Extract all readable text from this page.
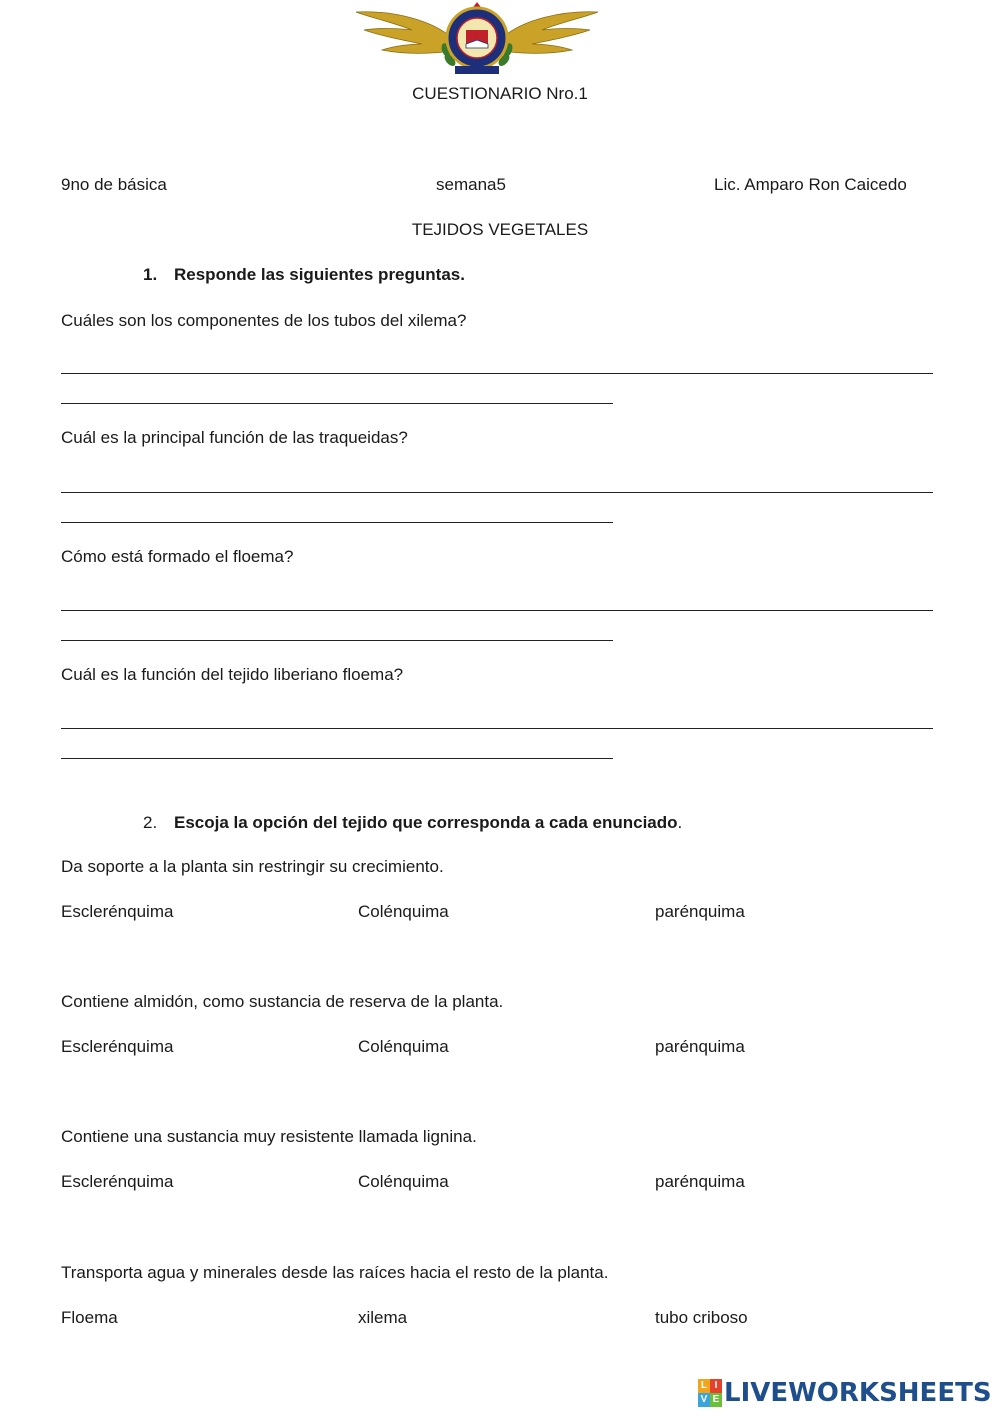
CUESTIONARIO Nro.1
9no de básica	semana5	Lic. Amparo Ron Caicedo
TEJIDOS VEGETALES
1. Responde las siguientes preguntas.
Cuáles son los componentes de los tubos del xilema?
Cuál es la principal función de las traqueidas?
Cómo está formado el floema?
Cuál es la función del tejido liberiano floema?
2. Escoja la opción del tejido que corresponda a cada enunciado.
Da soporte a la planta sin restringir su crecimiento.
Esclerénquima	Colénquima	parénquima
Contiene almidón, como sustancia de reserva de la planta.
Esclerénquima	Colénquima	parénquima
Contiene una sustancia muy resistente llamada lignina.
Esclerénquima	Colénquima	parénquima
Transporta agua y minerales desde las raíces hacia el resto de la planta.
Floema	xilema	tubo criboso
L I
V E LIVEWORKSHEETS
